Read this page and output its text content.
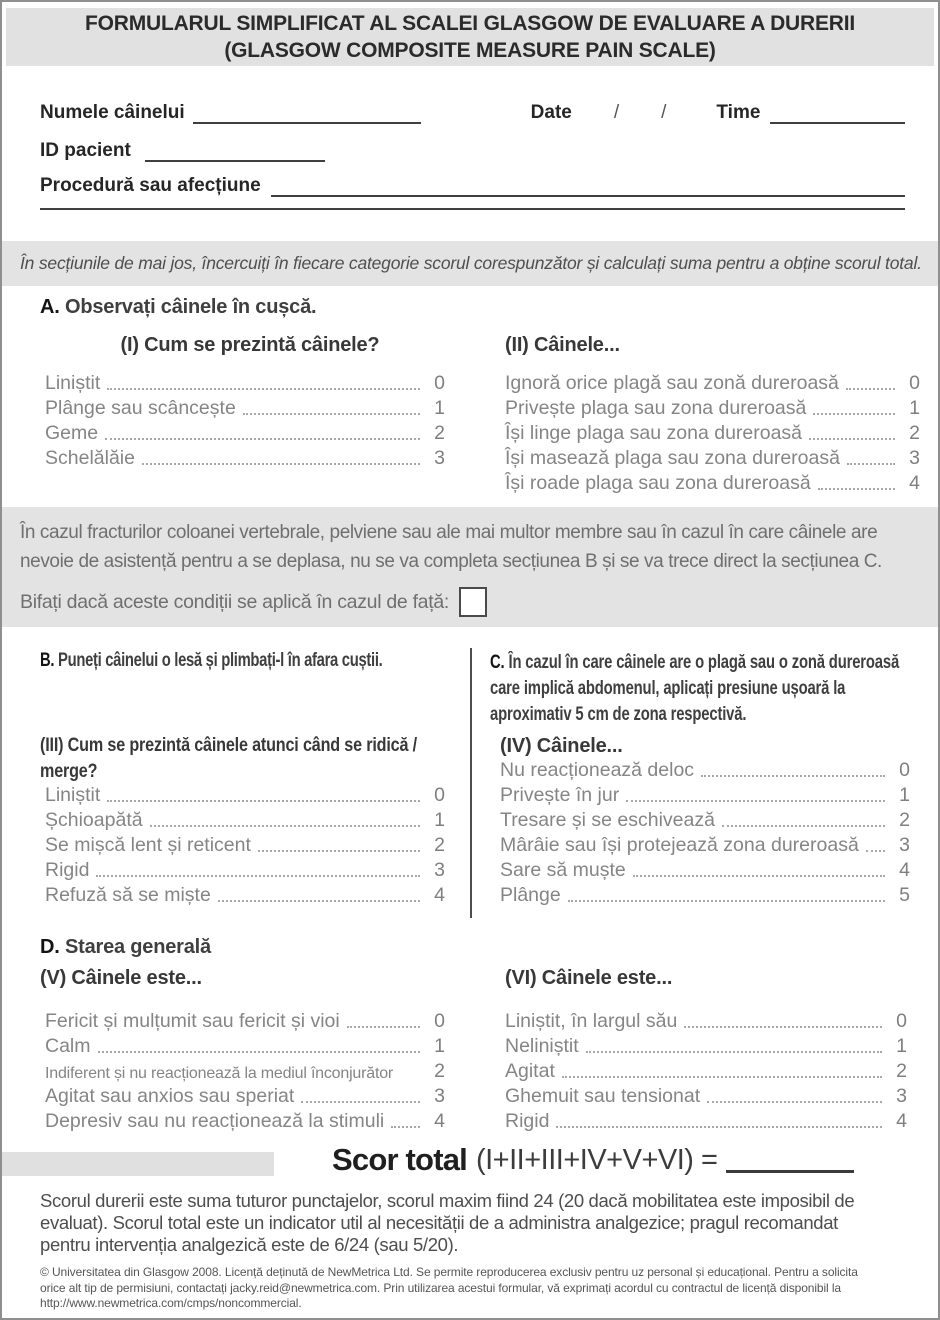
FORMULARUL SIMPLIFICAT AL SCALEI GLASGOW DE EVALUARE A DURERII
(GLASGOW COMPOSITE MEASURE PAIN SCALE)
Numele câinelui	Date / /	Time
ID pacient
Procedură sau afecțiune
În secțiunile de mai jos, încercuiți în fiecare categorie scorul corespunzător și calculați suma pentru a obține scorul total.
A. Observați câinele în cușcă.
(I) Cum se prezintă câinele?
Liniștit	0
Plânge sau scâncește	1
Geme	2
Schelălăie	3
(II) Câinele...
Ignoră orice plagă sau zonă dureroasă	0
Privește plaga sau zona dureroasă	1
Își linge plaga sau zona dureroasă	2
Își masează plaga sau zona dureroasă	3
Își roade plaga sau zona dureroasă	4

În cazul fracturilor coloanei vertebrale, pelviene sau ale mai multor membre sau în cazul în care câinele are nevoie de asistență pentru a se deplasa, nu se va completa secțiunea B și se va trece direct la secțiunea C.

Bifați dacă aceste condiții se aplică în cazul de față:
B. Puneți câinelui o lesă și plimbați-l în afara cuștii.	C. În cazul în care câinele are o plagă sau o zonă dureroasă care implică abdomenul, aplicați presiune ușoară la aproximativ 5 cm de zona respectivă.
(III) Cum se prezintă câinele atunci când se ridică / merge?
Liniștit	0
Șchioapătă	1
Se mișcă lent și reticent	2
Rigid	3
Refuză să se miște	4
(IV) Câinele...
Nu reacționează deloc	0
Privește în jur	1
Tresare și se eschivează	2
Mârâie sau își protejează zona dureroasă	3
Sare să muște	4
Plânge	5
D. Starea generală
(V) Câinele este...
Fericit și mulțumit sau fericit și vioi	0
Calm	1
Indiferent și nu reacționează la mediul înconjurător	2
Agitat sau anxios sau speriat	3
Depresiv sau nu reacționează la stimuli	4
(VI) Câinele este...
Liniștit, în largul său	0
Neliniștit	1
Agitat	2
Ghemuit sau tensionat	3
Rigid	4
Scor total (I+II+III+IV+V+VI) =
Scorul durerii este suma tuturor punctajelor, scorul maxim fiind 24 (20 dacă mobilitatea este imposibil de evaluat). Scorul total este un indicator util al necesității de a administra analgezice; pragul recomandat pentru intervenția analgezică este de 6/24 (sau 5/20).
© Universitatea din Glasgow 2008. Licență deținută de NewMetrica Ltd. Se permite reproducerea exclusiv pentru uz personal și educațional. Pentru a solicita orice alt tip de permisiuni, contactați jacky.reid@newmetrica.com. Prin utilizarea acestui formular, vă exprimați acordul cu contractul de licență disponibil la http://www.newmetrica.com/cmps/noncommercial.
